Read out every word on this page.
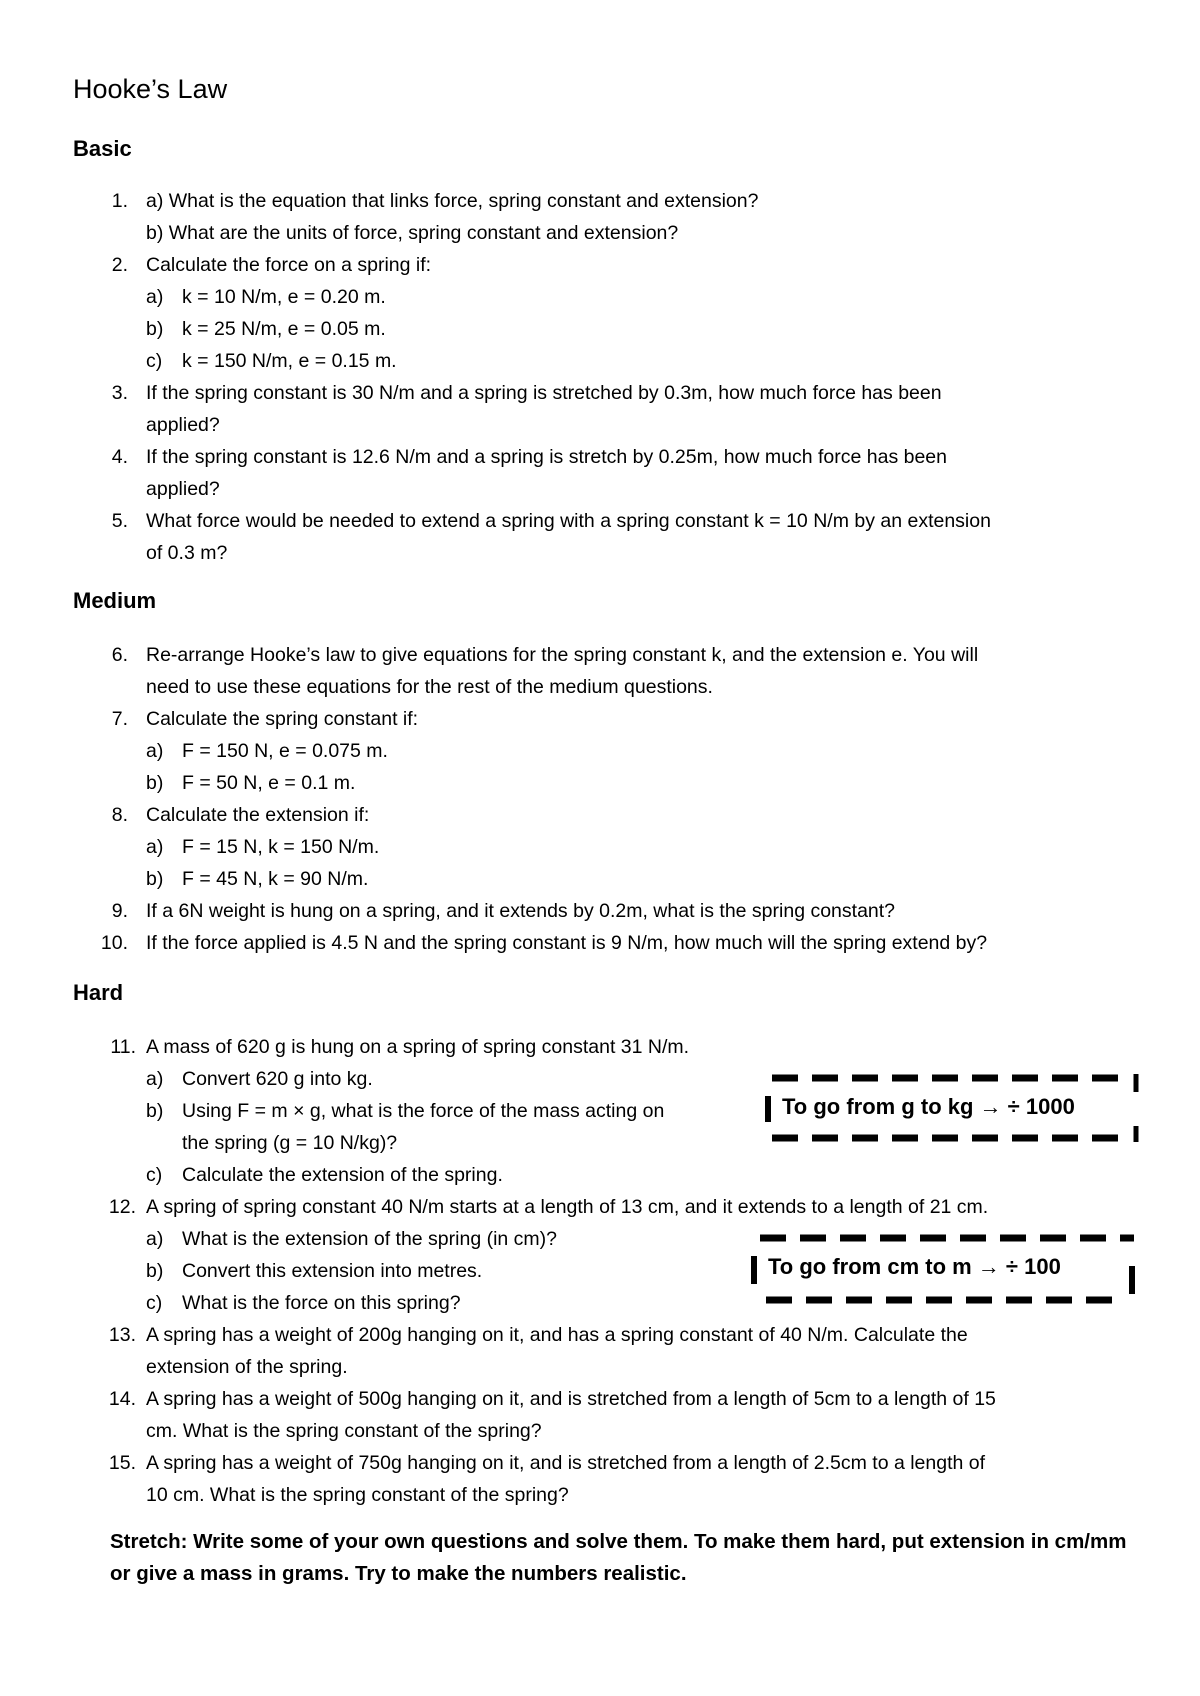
Hooke’s Law
Basic
1. a) What is the equation that links force, spring constant and extension?
b) What are the units of force, spring constant and extension?
2. Calculate the force on a spring if:
a) k = 10 N/m, e = 0.20 m.
b) k = 25 N/m, e = 0.05 m.
c) k = 150 N/m, e = 0.15 m.
3. If the spring constant is 30 N/m and a spring is stretched by 0.3m, how much force has been
applied?
4. If the spring constant is 12.6 N/m and a spring is stretch by 0.25m, how much force has been
applied?
5. What force would be needed to extend a spring with a spring constant k = 10 N/m by an extension
of 0.3 m?
Medium
6. Re-arrange Hooke’s law to give equations for the spring constant k, and the extension e. You will
need to use these equations for the rest of the medium questions.
7. Calculate the spring constant if:
a) F = 150 N, e = 0.075 m.
b) F = 50 N, e = 0.1 m.
8. Calculate the extension if:
a) F = 15 N, k = 150 N/m.
b) F = 45 N, k = 90 N/m.
9. If a 6N weight is hung on a spring, and it extends by 0.2m, what is the spring constant?
10. If the force applied is 4.5 N and the spring constant is 9 N/m, how much will the spring extend by?
Hard
11. A mass of 620 g is hung on a spring of spring constant 31 N/m.
a) Convert 620 g into kg.
b) Using F = m × g, what is the force of the mass acting on
the spring (g = 10 N/kg)?
c) Calculate the extension of the spring.
12. A spring of spring constant 40 N/m starts at a length of 13 cm, and it extends to a length of 21 cm.
a) What is the extension of the spring (in cm)?
b) Convert this extension into metres.
c) What is the force on this spring?
13. A spring has a weight of 200g hanging on it, and has a spring constant of 40 N/m. Calculate the
extension of the spring.
14. A spring has a weight of 500g hanging on it, and is stretched from a length of 5cm to a length of 15
cm. What is the spring constant of the spring?
15. A spring has a weight of 750g hanging on it, and is stretched from a length of 2.5cm to a length of
10 cm. What is the spring constant of the spring?
To go from g to kg → ÷ 1000
To go from cm to m → ÷ 100
Stretch: Write some of your own questions and solve them. To make them hard, put extension in cm/mm or give a mass in grams. Try to make the numbers realistic.
